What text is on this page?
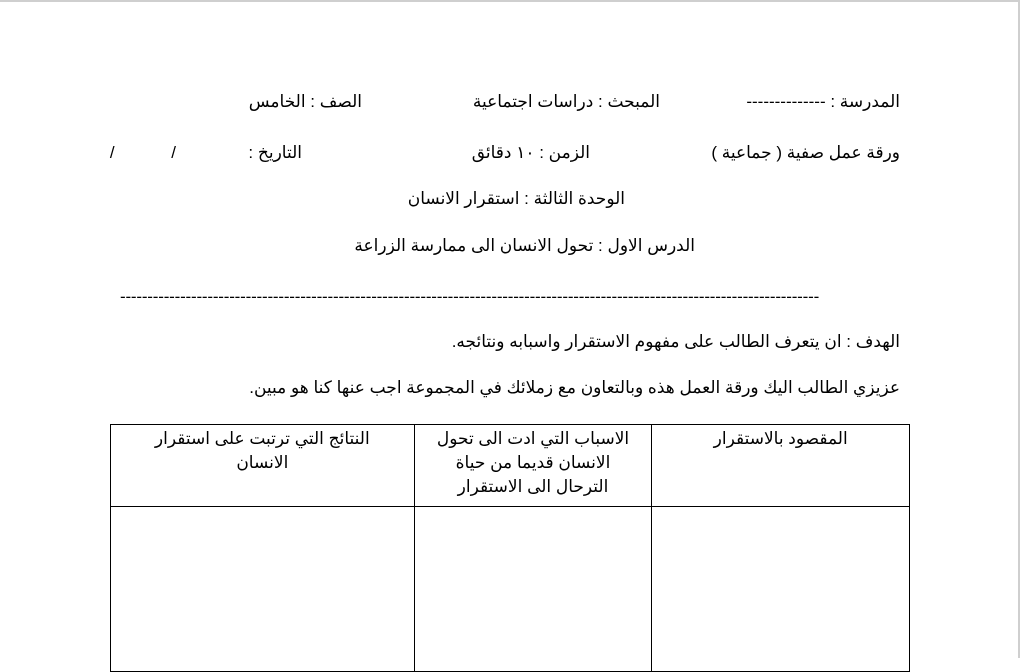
المدرسة : --------------
المبحث : دراسات اجتماعية
الصف : الخامس
ورقة عمل صفية ( جماعية )
الزمن : ١٠ دقائق
التاريخ :
/ /
الوحدة الثالثة : استقرار الانسان
الدرس الاول : تحول الانسان الى ممارسة الزراعة
--------------------------------------------------------------------------------------------------------------------------------
الهدف : ان يتعرف الطالب على مفهوم الاستقرار واسبابه ونتائجه.
عزيزي الطالب اليك ورقة العمل هذه وبالتعاون مع زملائك في المجموعة اجب عنها كنا هو مبين.
المقصود بالاستقرار	الاسباب التي ادت الى تحول الانسان قديما من حياة الترحال الى الاستقرار	النتائج التي ترتبت على استقرار الانسان
